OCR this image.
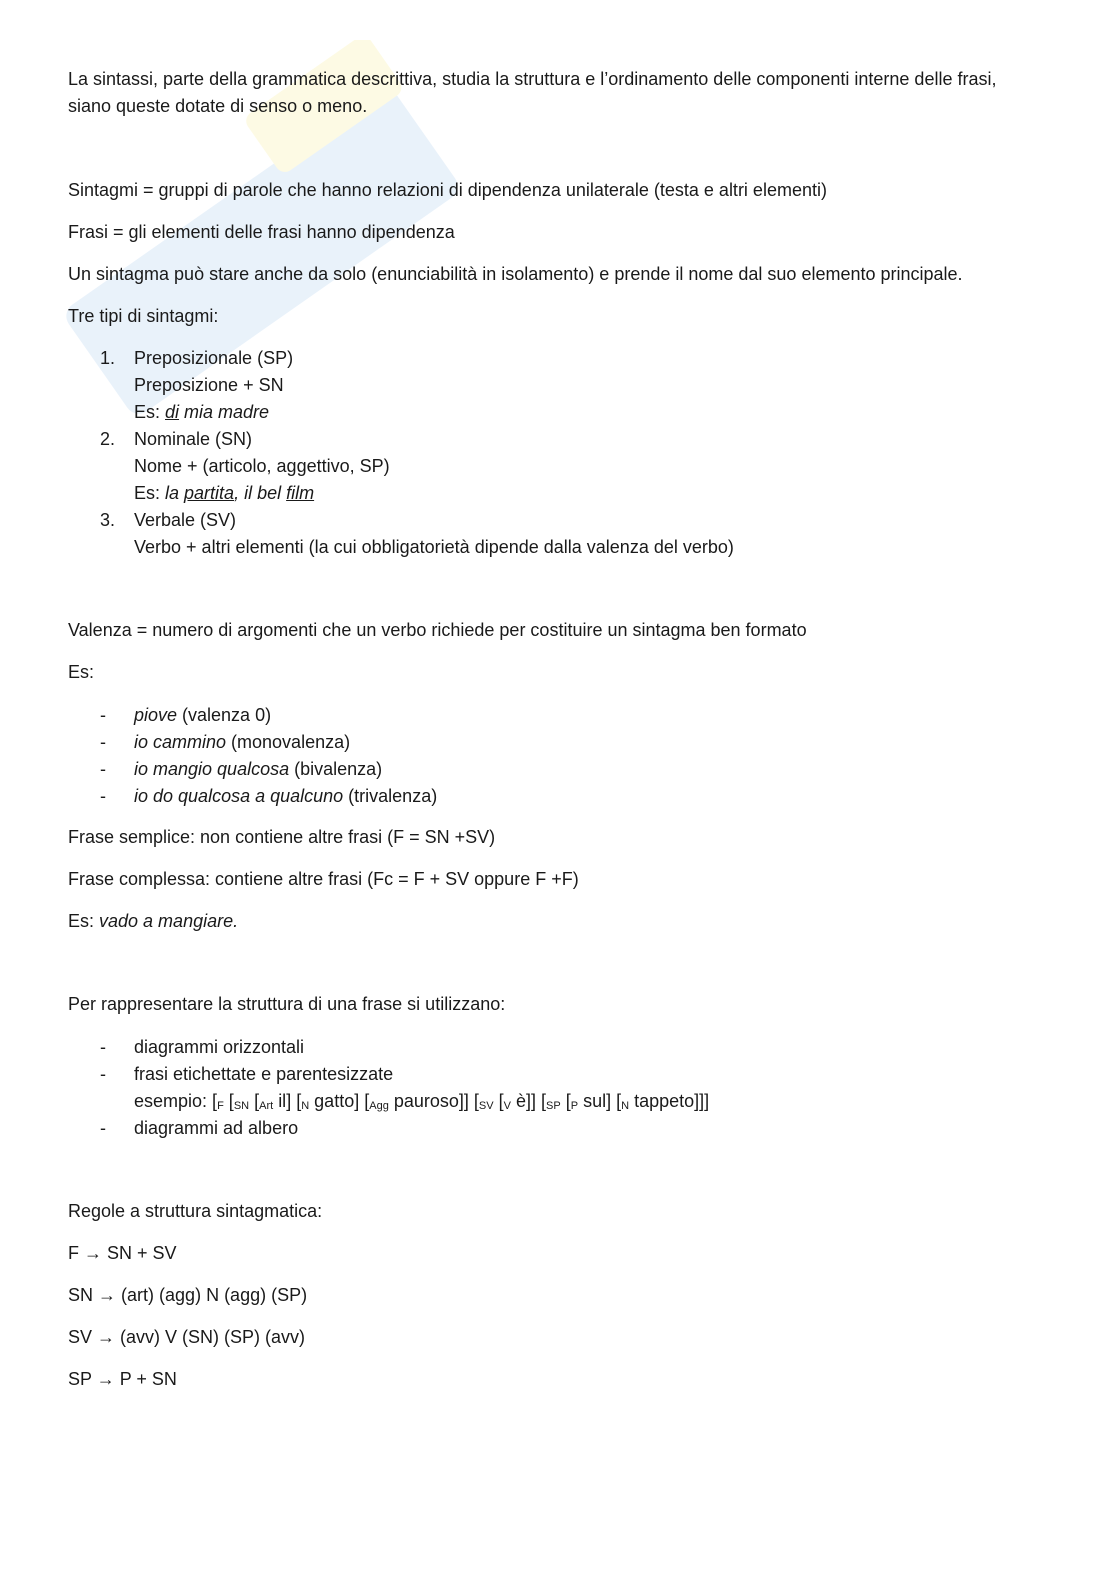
La sintassi, parte della grammatica descrittiva, studia la struttura e l’ordinamento delle componenti interne delle frasi, siano queste dotate di senso o meno.
Sintagmi = gruppi di parole che hanno relazioni di dipendenza unilaterale (testa e altri elementi)
Frasi = gli elementi delle frasi hanno dipendenza
Un sintagma può stare anche da solo (enunciabilità in isolamento) e prende il nome dal suo elemento principale.
Tre tipi di sintagmi:
1. Preposizionale (SP)
Preposizione + SN
Es: di mia madre
2. Nominale (SN)
Nome + (articolo, aggettivo, SP)
Es: la partita, il bel film
3. Verbale (SV)
Verbo + altri elementi (la cui obbligatorietà dipende dalla valenza del verbo)
Valenza = numero di argomenti che un verbo richiede per costituire un sintagma ben formato
Es:
- piove (valenza 0)
- io cammino (monovalenza)
- io mangio qualcosa (bivalenza)
- io do qualcosa a qualcuno (trivalenza)
Frase semplice: non contiene altre frasi (F = SN +SV)
Frase complessa: contiene altre frasi (Fc = F + SV oppure F +F)
Es: vado a mangiare.
Per rappresentare la struttura di una frase si utilizzano:
- diagrammi orizzontali
- frasi etichettate e parentesizzate
esempio: [$_F$ [$_{SN}$ [$_{Art}$ il] [$_N$ gatto] [$_{Agg}$ pauroso]] [$_{SV}$ [$_V$ è]] [$_{SP}$ [$_P$ sul] [$_N$ tappeto]]]
- diagrammi ad albero
Regole a struttura sintagmatica:
F → SN + SV
SN → (art) (agg) N (agg) (SP)
SV → (avv) V (SN) (SP) (avv)
SP → P + SN
